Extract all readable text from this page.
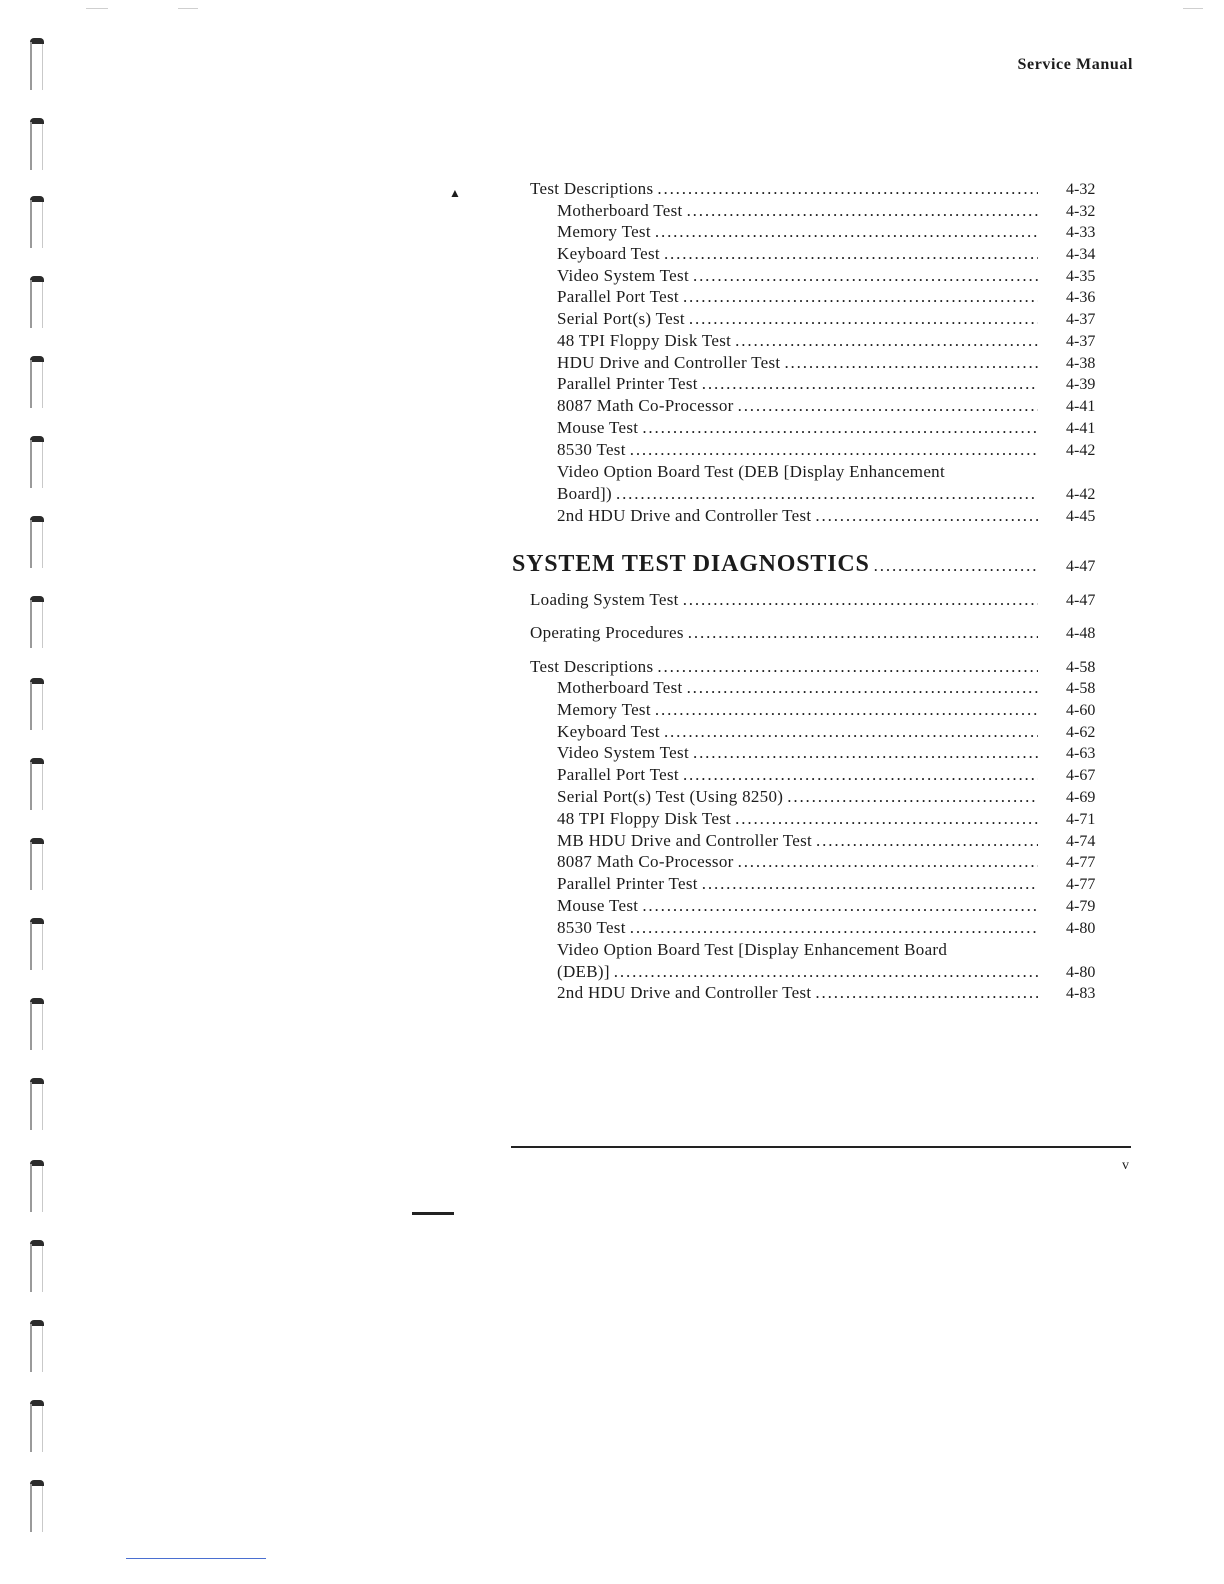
Service Manual
▲	Test Descriptions . . .	4-32
Motherboard Test . . .	4-32
Memory Test . . .	4-33
Keyboard Test . . .	4-34
Video System Test . . .	4-35
Parallel Port Test . . .	4-36
Serial Port(s) Test . . .	4-37
48 TPI Floppy Disk Test . . .	4-37
HDU Drive and Controller Test . . .	4-38
Parallel Printer Test . . .	4-39
8087 Math Co-Processor . . .	4-41
Mouse Test . . .	4-41
8530 Test . . .	4-42
Video Option Board Test (DEB [Display Enhancement
Board]) . . .	4-42
2nd HDU Drive and Controller Test . . .	4-45
SYSTEM TEST DIAGNOSTICS . . .	4-47
Loading System Test . . .	4-47
Operating Procedures . . .	4-48
Test Descriptions . . .	4-58
Motherboard Test . . .	4-58
Memory Test . . .	4-60
Keyboard Test . . .	4-62
Video System Test . . .	4-63
Parallel Port Test . . .	4-67
Serial Port(s) Test (Using 8250) . . .	4-69
48 TPI Floppy Disk Test . . .	4-71
MB HDU Drive and Controller Test . . .	4-74
8087 Math Co-Processor . . .	4-77
Parallel Printer Test . . .	4-77
Mouse Test . . .	4-79
8530 Test . . .	4-80
Video Option Board Test [Display Enhancement Board
(DEB)] . . .	4-80
2nd HDU Drive and Controller Test . . .	4-83
v
